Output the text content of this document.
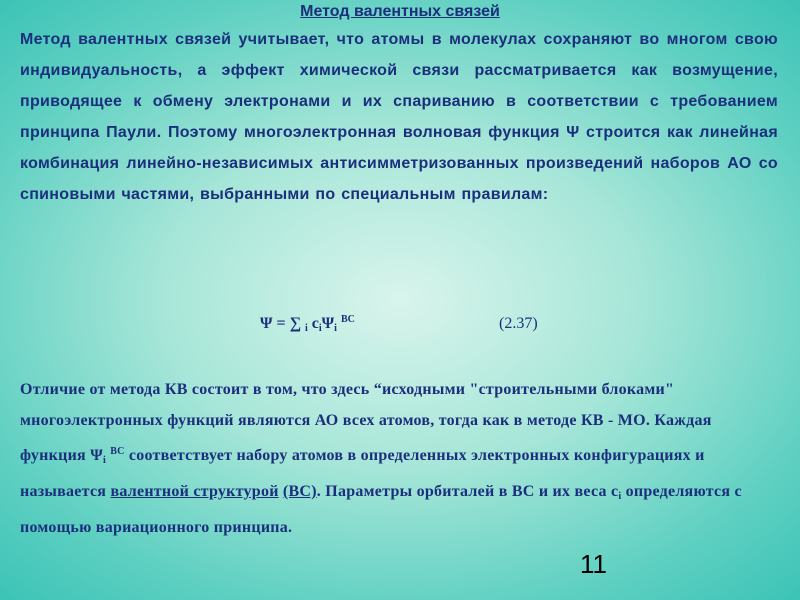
Метод валентных связей
Метод валентных связей учитывает, что атомы в молекулах сохраняют во многом свою индивидуальность, а эффект химической связи рассматривается как возмущение, приводящее к обмену электронами и их спариванию в соответствии с требованием принципа Паули. Поэтому многоэлектронная волновая функция Ψ строится как линейная комбинация линейно-независимых антисимметризованных произведений наборов АО со спиновыми частями, выбранными по специальным правилам:
Ψ = ∑ $_i$ $c_i\Psi_i$ $^{ВС}$	(2.37)
Отличие от метода КВ состоит в том, что здесь “исходными "строительными блоками" многоэлектронных функций являются АО всех атомов, тогда как в методе КВ - МО. Каждая функция $\Psi_i$ $^{ВС}$ соответствует набору атомов в определенных электронных конфигурациях и называется валентной структурой (ВС). Параметры орбиталей в ВС и их веса $c_i$ определяются с помощью вариационного принципа.
11
